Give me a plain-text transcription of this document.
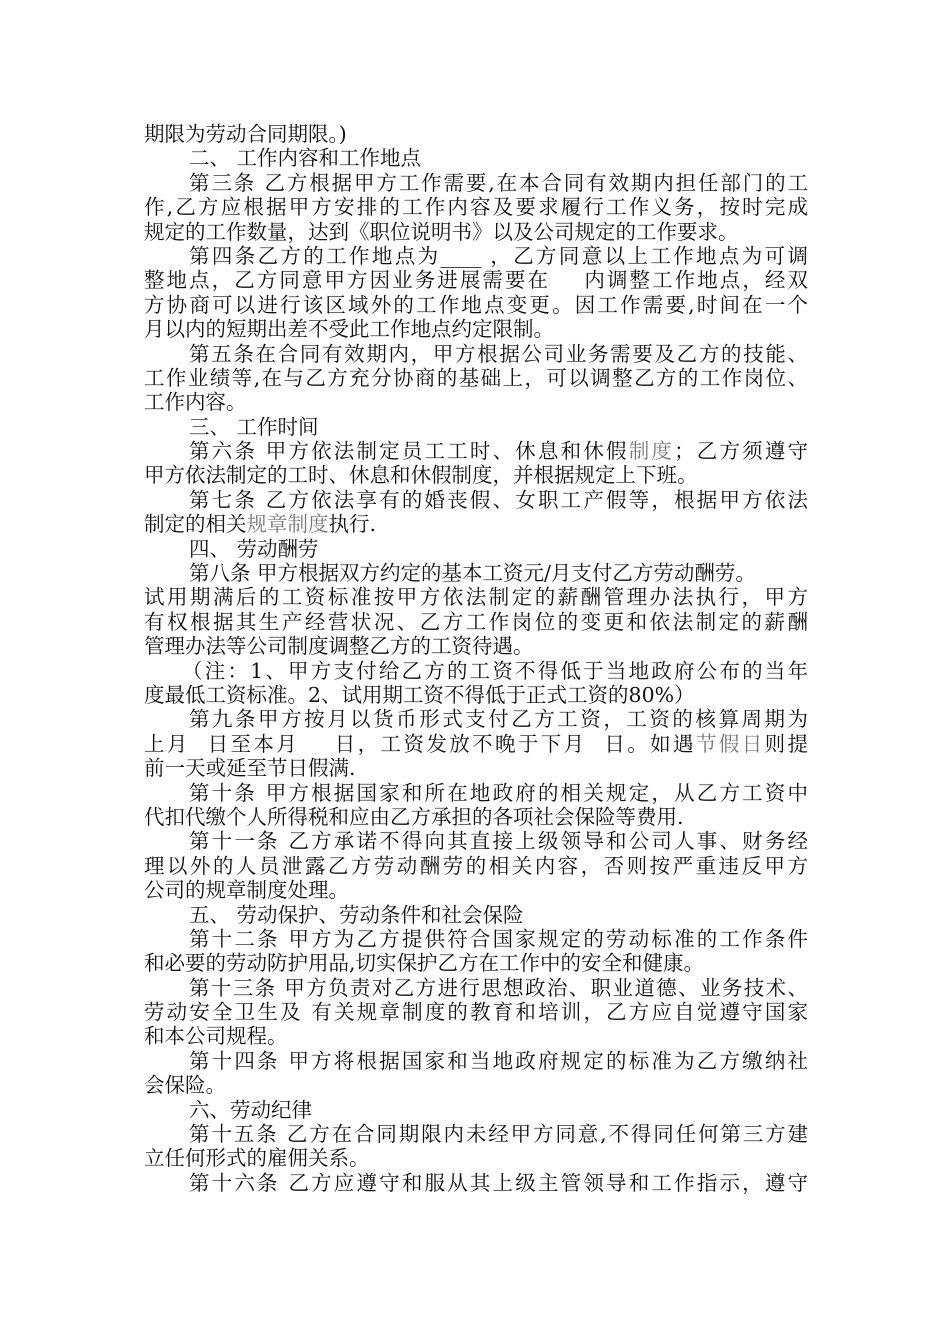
期限为劳动合同期限。)
二、 工作内容和工作地点
第三条 乙方根据甲方工作需要,在本合同有效期内担任部门的工
作,乙方应根据甲方安排的工作内容及要求履行工作义务，按时完成
规定的工作数量，达到《职位说明书》以及公司规定的工作要求。
第四条乙方的工作地点为____ ，乙方同意以上工作地点为可调
整地点，乙方同意甲方因业务进展需要在    内调整工作地点，经双
方协商可以进行该区域外的工作地点变更。因工作需要,时间在一个
月以内的短期出差不受此工作地点约定限制。
第五条在合同有效期内，甲方根据公司业务需要及乙方的技能、
工作业绩等,在与乙方充分协商的基础上，可以调整乙方的工作岗位、
工作内容。
三、 工作时间
第六条 甲方依法制定员工工时、休息和休假制度；乙方须遵守
甲方依法制定的工时、休息和休假制度，并根据规定上下班。
第七条 乙方依法享有的婚丧假、女职工产假等，根据甲方依法
制定的相关规章制度执行.
四、 劳动酬劳
第八条 甲方根据双方约定的基本工资元/月支付乙方劳动酬劳。
试用期满后的工资标准按甲方依法制定的薪酬管理办法执行，甲方
有权根据其生产经营状况、乙方工作岗位的变更和依法制定的薪酬
管理办法等公司制度调整乙方的工资待遇。
（注：1、甲方支付给乙方的工资不得低于当地政府公布的当年
度最低工资标准。2、试用期工资不得低于正式工资的80%）
第九条甲方按月以货币形式支付乙方工资，工资的核算周期为
上月  日至本月    日，工资发放不晚于下月  日。如遇节假日则提
前一天或延至节日假满.
第十条 甲方根据国家和所在地政府的相关规定，从乙方工资中
代扣代缴个人所得税和应由乙方承担的各项社会保险等费用.
第十一条 乙方承诺不得向其直接上级领导和公司人事、财务经
理以外的人员泄露乙方劳动酬劳的相关内容，否则按严重违反甲方
公司的规章制度处理。
五、 劳动保护、劳动条件和社会保险
第十二条 甲方为乙方提供符合国家规定的劳动标准的工作条件
和必要的劳动防护用品,切实保护乙方在工作中的安全和健康。
第十三条 甲方负责对乙方进行思想政治、职业道德、业务技术、
劳动安全卫生及 有关规章制度的教育和培训，乙方应自觉遵守国家
和本公司规程。
第十四条 甲方将根据国家和当地政府规定的标准为乙方缴纳社
会保险。
六、劳动纪律
第十五条 乙方在合同期限内未经甲方同意,不得同任何第三方建
立任何形式的雇佣关系。
第十六条 乙方应遵守和服从其上级主管领导和工作指示，遵守
